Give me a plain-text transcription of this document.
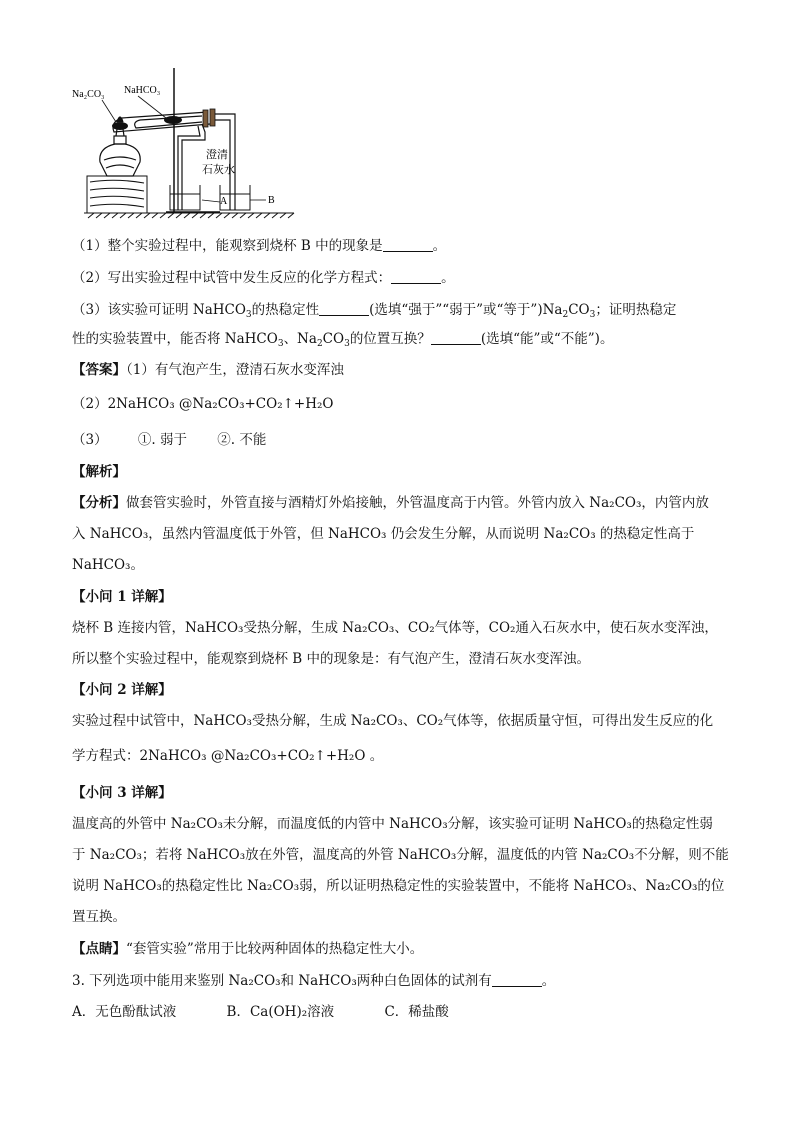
Na₂CO₃ NaHCO₃
澄清
石灰水
A	B
（1）整个实验过程中，能观察到烧杯 B 中的现象是	。
（2）写出实验过程中试管中发生反应的化学方程式：	。
（3）该实验可证明 NaHCO$_3$的热稳定性	(选填“强于”“弱于”或“等于$”)Na_2CO_3$；证明热稳定
性的实验装置中，能否将 NaHCO$_3$、$Na_2CO_3$的位置互换？	(选填“能”或“不能”)。
【答案】（1）有气泡产生，澄清石灰水变浑浊
（2）2NaHCO₃ @Na₂CO₃+CO₂↑+H₂O
（3） ①. 弱于 ②. 不能
【解析】
【分析】做套管实验时，外管直接与酒精灯外焰接触，外管温度高于内管。外管内放入 Na₂CO₃，内管内放
入 NaHCO₃，虽然内管温度低于外管，但 NaHCO₃ 仍会发生分解，从而说明 Na₂CO₃ 的热稳定性高于
NaHCO₃。
【小问 1 详解】
烧杯 B 连接内管，NaHCO₃受热分解，生成 Na₂CO₃、CO₂气体等，CO₂通入石灰水中，使石灰水变浑浊，
所以整个实验过程中，能观察到烧杯 B 中的现象是：有气泡产生，澄清石灰水变浑浊。
【小问 2 详解】
实验过程中试管中，NaHCO₃受热分解，生成 Na₂CO₃、CO₂气体等，依据质量守恒，可得出发生反应的化
学方程式：2NaHCO₃ @Na₂CO₃+CO₂↑+H₂O 。
【小问 3 详解】
温度高的外管中 Na₂CO₃未分解，而温度低的内管中 NaHCO₃分解，该实验可证明 NaHCO₃的热稳定性弱
于 Na₂CO₃；若将 NaHCO₃放在外管，温度高的外管 NaHCO₃分解，温度低的内管 Na₂CO₃不分解，则不能
说明 NaHCO₃的热稳定性比 Na₂CO₃弱，所以证明热稳定性的实验装置中，不能将 NaHCO₃、Na₂CO₃的位
置互换。
【点睛】“套管实验”常用于比较两种固体的热稳定性大小。
3. 下列选项中能用来鉴别 Na₂CO₃和 NaHCO₃两种白色固体的试剂有	。
A．无色酚酞试液	B．Ca(OH)₂溶液	C．稀盐酸
